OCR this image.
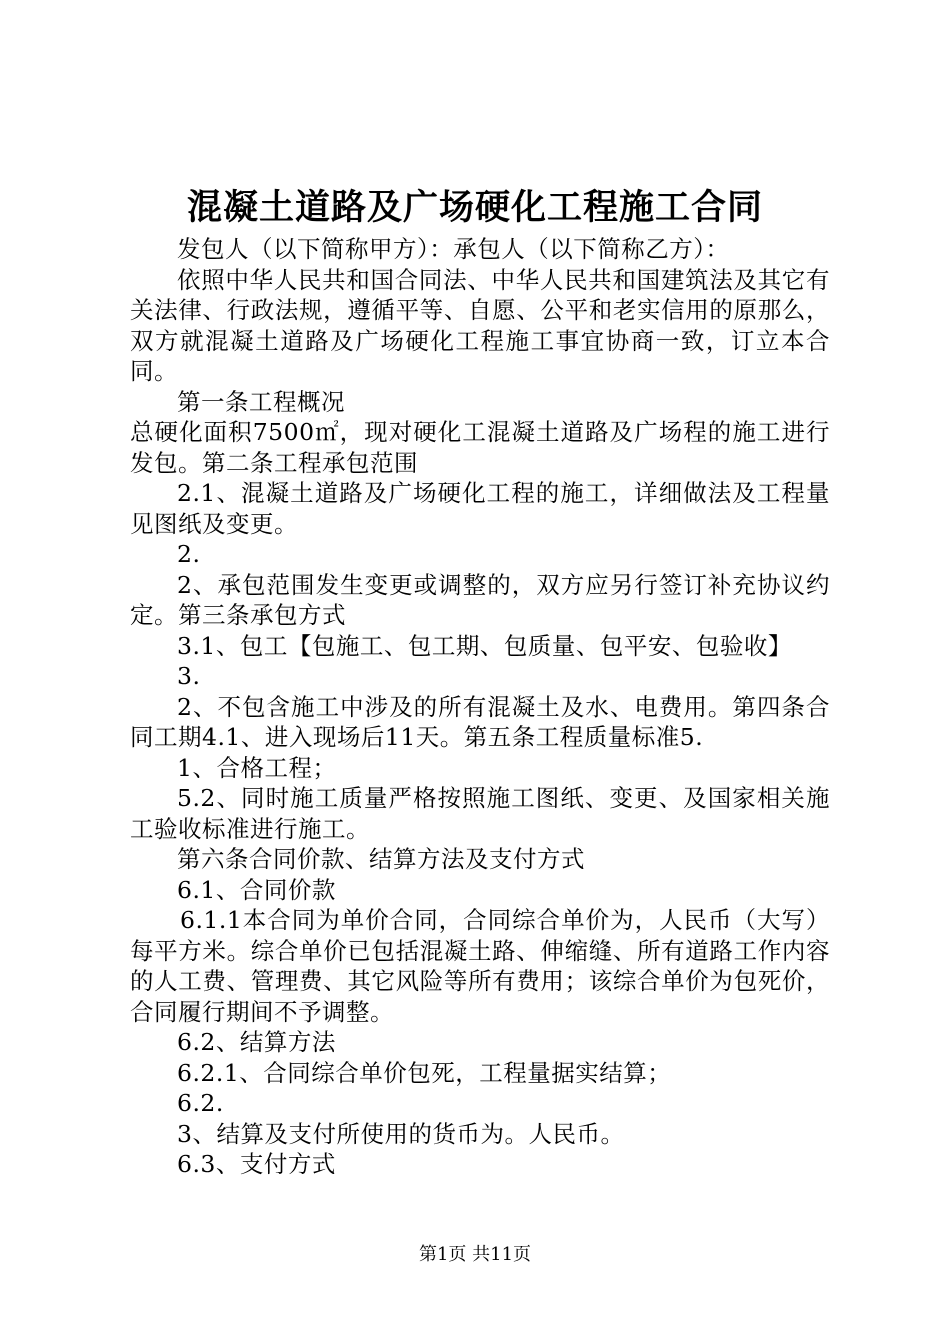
混凝土道路及广场硬化工程施工合同

发包人（以下简称甲方）：承包人（以下简称乙方）：

依照中华人民共和国合同法、中华人民共和国建筑法及其它有关法律、行政法规，遵循平等、自愿、公平和老实信用的原那么，双方就混凝土道路及广场硬化工程施工事宜协商一致，订立本合同。

第一条工程概况

总硬化面积7500㎡，现对硬化工混凝土道路及广场程的施工进行发包。第二条工程承包范围

2.1、混凝土道路及广场硬化工程的施工，详细做法及工程量见图纸及变更。

2.

2、承包范围发生变更或调整的，双方应另行签订补充协议约定。第三条承包方式

3.1、包工【包施工、包工期、包质量、包平安、包验收】

3.

2、不包含施工中涉及的所有混凝土及水、电费用。第四条合同工期4.1、进入现场后11天。第五条工程质量标准5.

1、合格工程；

5.2、同时施工质量严格按照施工图纸、变更、及国家相关施工验收标准进行施工。

第六条合同价款、结算方法及支付方式

6.1、合同价款

6.1.1本合同为单价合同，合同综合单价为，人民币（大写）每平方米。综合单价已包括混凝土路、伸缩缝、所有道路工作内容的人工费、管理费、其它风险等所有费用；该综合单价为包死价，合同履行期间不予调整。

6.2、结算方法

6.2.1、合同综合单价包死，工程量据实结算；

6.2.

3、结算及支付所使用的货币为。人民币。

6.3、支付方式

第1页 共11页
